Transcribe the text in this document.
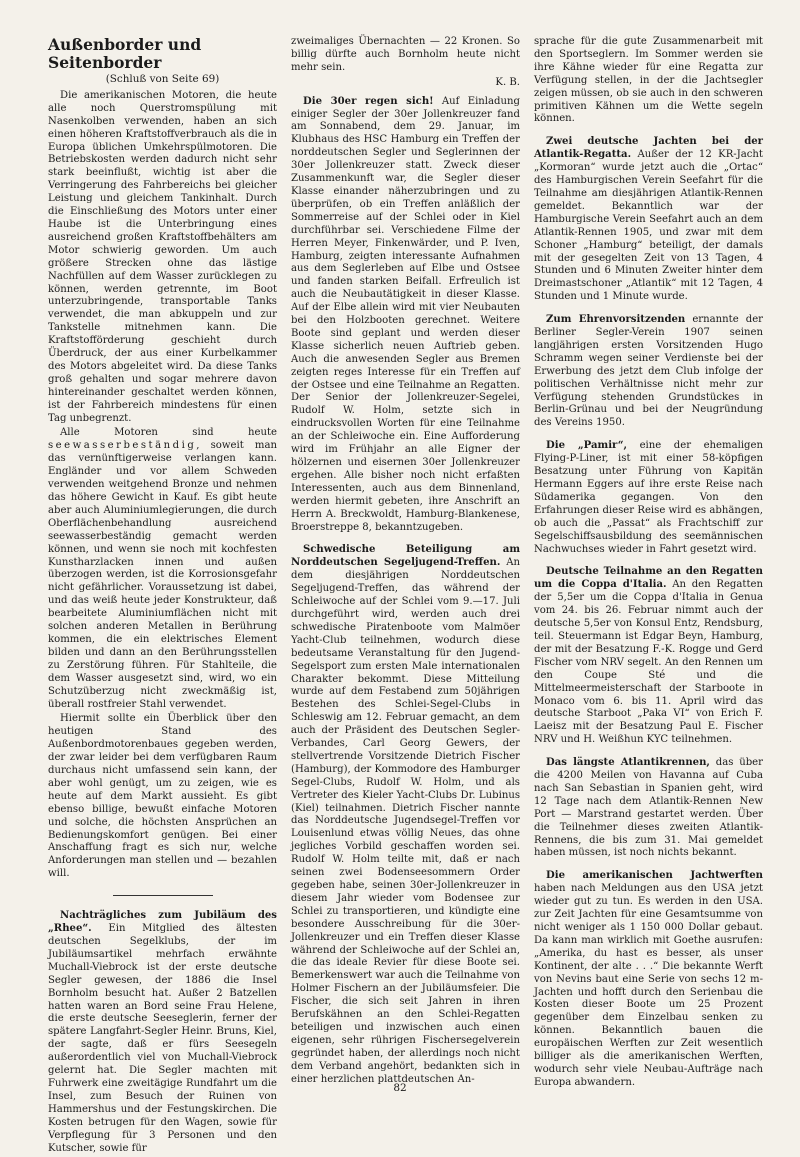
Außenborder und Seitenborder
(Schluß von Seite 69)

Die amerikanischen Motoren, die heute alle noch Querstromspülung mit Nasenkolben verwenden, haben an sich einen höheren Kraftstoffverbrauch als die in Europa üblichen Umkehrspülmotoren. Die Betriebskosten werden dadurch nicht sehr stark beeinflußt, wichtig ist aber die Verringerung des Fahrbereichs bei gleicher Leistung und gleichem Tankinhalt. Durch die Einschließung des Motors unter einer Haube ist die Unterbringung eines ausreichend großen Kraftstoffbehälters am Motor schwierig geworden. Um auch größere Strecken ohne das lästige Nachfüllen auf dem Wasser zurücklegen zu können, werden getrennte, im Boot unterzubringende, transportable Tanks verwendet, die man abkuppeln und zur Tankstelle mitnehmen kann. Die Kraftstofförderung geschieht durch Überdruck, der aus einer Kurbelkammer des Motors abgeleitet wird. Da diese Tanks groß gehalten und sogar mehrere davon hintereinander geschaltet werden können, ist der Fahrbereich mindestens für einen Tag unbegrenzt.

Alle Motoren sind heute seewasserbeständig, soweit man das vernünftigerweise verlangen kann. Engländer und vor allem Schweden verwenden weitgehend Bronze und nehmen das höhere Gewicht in Kauf. Es gibt heute aber auch Aluminiumlegierungen, die durch Oberflächenbehandlung ausreichend seewasserbeständig gemacht werden können, und wenn sie noch mit kochfesten Kunstharzlacken innen und außen überzogen werden, ist die Korrosionsgefahr nicht gefährlicher. Voraussetzung ist dabei, und das weiß heute jeder Konstrukteur, daß bearbeitete Aluminiumflächen nicht mit solchen anderen Metallen in Berührung kommen, die ein elektrisches Element bilden und dann an den Berührungsstellen zu Zerstörung führen. Für Stahlteile, die dem Wasser ausgesetzt sind, wird, wo ein Schutzüberzug nicht zweckmäßig ist, überall rostfreier Stahl verwendet.

Hiermit sollte ein Überblick über den heutigen Stand des Außenbordmotorenbaues gegeben werden, der zwar leider bei dem verfügbaren Raum durchaus nicht umfassend sein kann, der aber wohl genügt, um zu zeigen, wie es heute auf dem Markt aussieht. Es gibt ebenso billige, bewußt einfache Motoren und solche, die höchsten Ansprüchen an Bedienungskomfort genügen. Bei einer Anschaffung fragt es sich nur, welche Anforderungen man stellen und — bezahlen will.

Nachträgliches zum Jubiläum des „Rhee“. Ein Mitglied des ältesten deutschen Segelklubs, der im Jubiläumsartikel mehrfach erwähnte Muchall-Viebrock ist der erste deutsche Segler gewesen, der 1886 die Insel Bornholm besucht hat. Außer 2 Batzellen hatten waren an Bord seine Frau Helene, die erste deutsche Seeseglerin, ferner der spätere Langfahrt-Segler Heinr. Bruns, Kiel, der sagte, daß er fürs Seesegeln außerordentlich viel von Muchall-Viebrock gelernt hat. Die Segler machten mit Fuhrwerk eine zweitägige Rundfahrt um die Insel, zum Besuch der Ruinen von Hammershus und der Festungskirchen. Die Kosten betrugen für den Wagen, sowie für Verpflegung für 3 Personen und den Kutscher, sowie für

zweimaliges Übernachten — 22 Kronen. So billig dürfte auch Bornholm heute nicht mehr sein.

K. B.

Die 30er regen sich! Auf Einladung einiger Segler der 30er Jollenkreuzer fand am Sonnabend, dem 29. Januar, im Klubhaus des HSC Hamburg ein Treffen der norddeutschen Segler und Seglerinnen der 30er Jollenkreuzer statt. Zweck dieser Zusammenkunft war, die Segler dieser Klasse einander näherzubringen und zu überprüfen, ob ein Treffen anläßlich der Sommerreise auf der Schlei oder in Kiel durchführbar sei. Verschiedene Filme der Herren Meyer, Finkenwärder, und P. Iven, Hamburg, zeigten interessante Aufnahmen aus dem Seglerleben auf Elbe und Ostsee und fanden starken Beifall. Erfreulich ist auch die Neubautätigkeit in dieser Klasse. Auf der Elbe allein wird mit vier Neubauten bei den Holzbooten gerechnet. Weitere Boote sind geplant und werden dieser Klasse sicherlich neuen Auftrieb geben. Auch die anwesenden Segler aus Bremen zeigten reges Interesse für ein Treffen auf der Ostsee und eine Teilnahme an Regatten. Der Senior der Jollenkreuzer-Segelei, Rudolf W. Holm, setzte sich in eindrucksvollen Worten für eine Teilnahme an der Schleiwoche ein. Eine Aufforderung wird im Frühjahr an alle Eigner der hölzernen und eisernen 30er Jollenkreuzer ergehen. Alle bisher noch nicht erfaßten Interessenten, auch aus dem Binnenland, werden hiermit gebeten, ihre Anschrift an Herrn A. Breckwoldt, Hamburg-Blankenese, Broerstreppe 8, bekanntzugeben.

Schwedische Beteiligung am Norddeutschen Segeljugend-Treffen. An dem diesjährigen Norddeutschen Segeljugend-Treffen, das während der Schleiwoche auf der Schlei vom 9.—17. Juli durchgeführt wird, werden auch drei schwedische Piratenboote vom Malmöer Yacht-Club teilnehmen, wodurch diese bedeutsame Veranstaltung für den Jugend-Segelsport zum ersten Male internationalen Charakter bekommt. Diese Mitteilung wurde auf dem Festabend zum 50jährigen Bestehen des Schlei-Segel-Clubs in Schleswig am 12. Februar gemacht, an dem auch der Präsident des Deutschen Segler-Verbandes, Carl Georg Gewers, der stellvertrende Vorsitzende Dietrich Fischer (Hamburg), der Kommodore des Hamburger Segel-Clubs, Rudolf W. Holm, und als Vertreter des Kieler Yacht-Clubs Dr. Lubinus (Kiel) teilnahmen. Dietrich Fischer nannte das Norddeutsche Jugendsegel-Treffen vor Louisenlund etwas völlig Neues, das ohne jegliches Vorbild geschaffen worden sei. Rudolf W. Holm teilte mit, daß er nach seinen zwei Bodenseesommern Order gegeben habe, seinen 30er-Jollenkreuzer in diesem Jahr wieder vom Bodensee zur Schlei zu transportieren, und kündigte eine besondere Ausschreibung für die 30er-Jollenkreuzer und ein Treffen dieser Klasse während der Schleiwoche auf der Schlei an, die das ideale Revier für diese Boote sei. Bemerkenswert war auch die Teilnahme von Holmer Fischern an der Jubiläumsfeier. Die Fischer, die sich seit Jahren in ihren Berufskähnen an den Schlei-Regatten beteiligen und inzwischen auch einen eigenen, sehr rührigen Fischersegelverein gegründet haben, der allerdings noch nicht dem Verband angehört, bedankten sich in einer herzlichen plattdeutschen An-

sprache für die gute Zusammenarbeit mit den Sportseglern. Im Sommer werden sie ihre Kähne wieder für eine Regatta zur Verfügung stellen, in der die Jachtsegler zeigen müssen, ob sie auch in den schweren primitiven Kähnen um die Wette segeln können.

Zwei deutsche Jachten bei der Atlantik-Regatta. Außer der 12 KR-Jacht „Kormoran“ wurde jetzt auch die „Ortac“ des Hamburgischen Verein Seefahrt für die Teilnahme am diesjährigen Atlantik-Rennen gemeldet. Bekanntlich war der Hamburgische Verein Seefahrt auch an dem Atlantik-Rennen 1905, und zwar mit dem Schoner „Hamburg“ beteiligt, der damals mit der gesegelten Zeit von 13 Tagen, 4 Stunden und 6 Minuten Zweiter hinter dem Dreimastschoner „Atlantik“ mit 12 Tagen, 4 Stunden und 1 Minute wurde.

Zum Ehrenvorsitzenden ernannte der Berliner Segler-Verein 1907 seinen langjährigen ersten Vorsitzenden Hugo Schramm wegen seiner Verdienste bei der Erwerbung des jetzt dem Club infolge der politischen Verhältnisse nicht mehr zur Verfügung stehenden Grundstückes in Berlin-Grünau und bei der Neugründung des Vereins 1950.

Die „Pamir“, eine der ehemaligen Flying-P-Liner, ist mit einer 58-köpfigen Besatzung unter Führung von Kapitän Hermann Eggers auf ihre erste Reise nach Südamerika gegangen. Von den Erfahrungen dieser Reise wird es abhängen, ob auch die „Passat“ als Frachtschiff zur Segelschiffsausbildung des seemännischen Nachwuchses wieder in Fahrt gesetzt wird.

Deutsche Teilnahme an den Regatten um die Coppa d'Italia. An den Regatten der 5,5er um die Coppa d'Italia in Genua vom 24. bis 26. Februar nimmt auch der deutsche 5,5er von Konsul Entz, Rendsburg, teil. Steuermann ist Edgar Beyn, Hamburg, der mit der Besatzung F.-K. Rogge und Gerd Fischer vom NRV segelt. An den Rennen um den Coupe Sté und die Mittelmeermeisterschaft der Starboote in Monaco vom 6. bis 11. April wird das deutsche Starboot „Paka VI“ von Erich F. Laeisz mit der Besatzung Paul E. Fischer NRV und H. Weißhun KYC teilnehmen.

Das längste Atlantikrennen, das über die 4200 Meilen von Havanna auf Cuba nach San Sebastian in Spanien geht, wird 12 Tage nach dem Atlantik-Rennen New Port — Marstrand gestartet werden. Über die Teilnehmer dieses zweiten Atlantik-Rennens, die bis zum 31. Mai gemeldet haben müssen, ist noch nichts bekannt.

Die amerikanischen Jachtwerften haben nach Meldungen aus den USA jetzt wieder gut zu tun. Es werden in den USA. zur Zeit Jachten für eine Gesamtsumme von nicht weniger als 1 150 000 Dollar gebaut. Da kann man wirklich mit Goethe ausrufen: „Amerika, du hast es besser, als unser Kontinent, der alte . . .“ Die bekannte Werft von Nevins baut eine Serie von sechs 12 m-Jachten und hofft durch den Serienbau die Kosten dieser Boote um 25 Prozent gegenüber dem Einzelbau senken zu können. Bekanntlich bauen die europäischen Werften zur Zeit wesentlich billiger als die amerikanischen Werften, wodurch sehr viele Neubau-Aufträge nach Europa abwandern.

82
